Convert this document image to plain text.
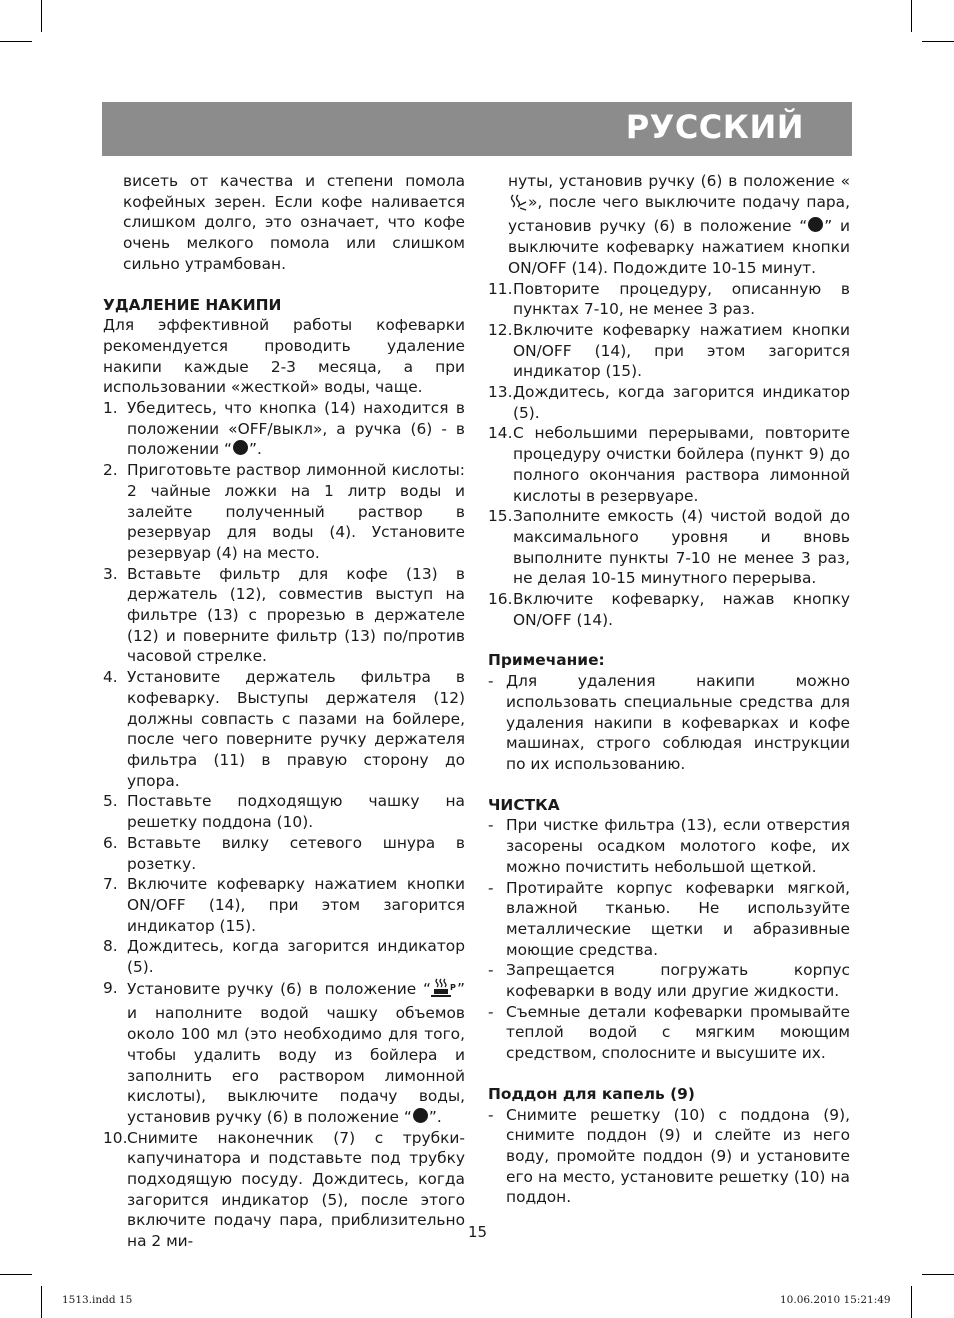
РУССКИЙ

висеть от качества и степени помола кофейных зерен. Если кофе наливается слишком долго, это означает, что кофе очень мелкого помола или слишком сильно утрамбован.

УДАЛЕНИЕ НАКИПИ

Для эффективной работы кофеварки рекомендуется проводить удаление накипи каждые 2-3 месяца, а при использовании «жесткой» воды, чаще.

1. Убедитесь, что кнопка (14) находится в положении «OFF/выкл», а ручка (6) - в положении “ ”.
2. Приготовьте раствор лимонной кислоты: 2 чайные ложки на 1 литр воды и залейте полученный раствор в резервуар для воды (4). Установите резервуар (4) на место.
3. Вставьте фильтр для кофе (13) в держатель (12), совместив выступ на фильтре (13) с прорезью в держателе (12) и поверните фильтр (13) по/против часовой стрелке.
4. Установите держатель фильтра в кофеварку. Выступы держателя (12) должны совпасть с пазами на бойлере, после чего поверните ручку держателя фильтра (11) в правую сторону до упора.
5. Поставьте подходящую чашку на решетку поддона (10).
6. Вставьте вилку сетевого шнура в розетку.
7. Включите кофеварку нажатием кнопки ON/OFF (14), при этом загорится индикатор (15).
8. Дождитесь, когда загорится индикатор (5).
9. Установите ручку (6) в положение “ P ” и наполните водой чашку объемов около 100 мл (это необходимо для того, чтобы удалить воду из бойлера и заполнить его раствором лимонной кислоты), выключите подачу воды, установив ручку (6) в положение “ ”.
10. Снимите наконечник (7) с трубки-капучинатора и подставьте под трубку подходящую посуду. Дождитесь, когда загорится индикатор (5), после этого включите подачу пара, приблизительно на 2 ми-

нуты, установив ручку (6) в положение «», после чего выключите подачу пара, установив ручку (6) в положение “ ” и выключите кофеварку нажатием кнопки ON/OFF (14). Подождите 10-15 минут.

11. Повторите процедуру, описанную в пунктах 7-10, не менее 3 раз.
12. Включите кофеварку нажатием кнопки ON/OFF (14), при этом загорится индикатор (15).
13. Дождитесь, когда загорится индикатор (5).
14. С небольшими перерывами, повторите процедуру очистки бойлера (пункт 9) до полного окончания раствора лимонной кислоты в резервуаре.
15. Заполните емкость (4) чистой водой до максимального уровня и вновь выполните пункты 7-10 не менее 3 раз, не делая 10-15 минутного перерыва.
16. Включите кофеварку, нажав кнопку ON/OFF (14).
Примечание:
- Для удаления накипи можно использовать специальные средства для удаления накипи в кофеварках и кофе машинах, строго соблюдая инструкции по их использованию.
ЧИСТКА
- При чистке фильтра (13), если отверстия засорены осадком молотого кофе, их можно почистить небольшой щеткой.
- Протирайте корпус кофеварки мягкой, влажной тканью. Не используйте металлические щетки и абразивные моющие средства.
- Запрещается погружать корпус кофеварки в воду или другие жидкости.
- Съемные детали кофеварки промывайте теплой водой с мягким моющим средством, сполосните и высушите их.
Поддон для капель (9)
- Снимите решетку (10) с поддона (9), снимите поддон (9) и слейте из него воду, промойте поддон (9) и установите его на место, установите решетку (10) на поддон.
15
1513.indd 15	10.06.2010 15:21:49
